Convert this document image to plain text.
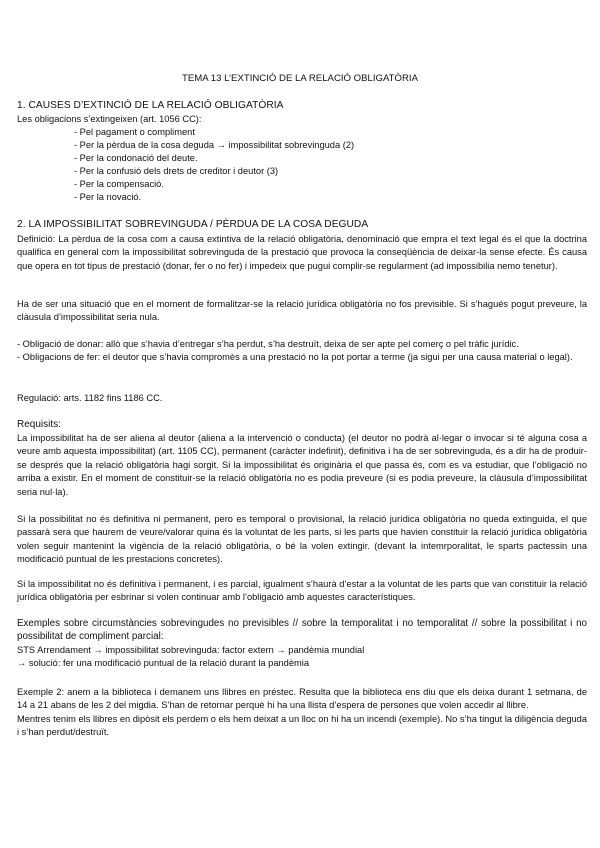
TEMA 13 L’EXTINCIÓ DE LA RELACIÓ OBLIGATÒRIA
1. CAUSES D’EXTINCIÓ DE LA RELACIÓ OBLIGATÒRIA
Les obligacions s’extingeixen (art. 1056 CC):
- Pel pagament o compliment
- Per la pèrdua de la cosa deguda → impossibilitat sobrevinguda (2)
- Per la condonació del deute.
- Per la confusió dels drets de creditor i deutor (3)
- Per la compensació.
- Per la novació.
2. LA IMPOSSIBILITAT SOBREVINGUDA / PÈRDUA DE LA COSA DEGUDA

Definició: La pèrdua de la cosa com a causa extintiva de la relació obligatòria, denominació que empra el text legal és el que la doctrina qualifica en general com la impossibilitat sobrevinguda de la prestació que provoca la conseqüència de deixar-la sense efecte. És causa que opera en tot tipus de prestació (donar, fer o no fer) i impedeix que pugui complir-se regularment (ad impossibilia nemo tenetur).

Ha de ser una situació que en el moment de formalitzar-se la relació jurídica obligatòria no fos previsible. Si s’hagués pogut preveure, la clàusula d’impossibilitat seria nula.

- Obligació de donar: allò que s’havia d’entregar s’ha perdut, s’ha destruït, deixa de ser apte pel comerç o pel tràfic jurídic.

- Obligacions de fer: el deutor que s’havia compromès a una prestació no la pot portar a terme (ja sigui per una causa material o legal).

Regulació: arts. 1182 fins 1186 CC.
Requisits:

La impossibilitat ha de ser aliena al deutor (aliena a la intervenció o conducta) (el deutor no podrà al·legar o invocar si té alguna cosa a veure amb aquesta impossibilitat) (art. 1105 CC), permanent (caràcter indefinit), definitiva i ha de ser sobrevinguda, és a dir ha de produir-se després que la relació obligatòria hagi sorgit. Si la impossibilitat és originària el que passa és, com es va estudiar, que l’obligació no arriba a existir. En el moment de constituir-se la relació obligatòria no es podia preveure (si es podia preveure, la clàusula d’impossibilitat seria nul·la).

Si la possibilitat no és definitiva ni permanent, pero es temporal o provisional, la relació jurídica obligatòria no queda extinguida, el que passarà sera que haurem de veure/valorar quina és la voluntat de les parts, si les parts que havien constituir la relació jurídica obligatòria volen seguir mantenint la vigència de la relació obligatòria, o bé la volen extingir. (devant la intemrporalitat, le sparts pactessin una modificació puntual de les prestacions concretes).

Si la impossibilitat no és definitiva i permanent, i es parcial, igualment s’haurà d’estar a la voluntat de les parts que van constituir la relació jurídica obligatòria per esbrinar si volen continuar amb l’obligació amb aquestes característiques.

Exemples sobre circumstàncies sobrevingudes no previsibles // sobre la temporalitat i no temporalitat // sobre la possibilitat i no possibilitat de compliment parcial:

STS Arrendament → impossibilitat sobrevinguda: factor extern → pandèmia mundial
→ solució: fer una modificació puntual de la relació durant la pandèmia

Exemple 2: anem a la biblioteca i demanem uns llibres en préstec. Resulta que la biblioteca ens diu que els deixa durant 1 setmana, de 14 a 21 abans de les 2 del migdia. S’han de retornar perquè hi ha una llista d’espera de persones que volen accedir al llibre.

Mentres tenim els llibres en dipòsit els perdem o els hem deixat a un lloc on hi ha un incendi (exemple). No s’ha tingut la diligència deguda i s’han perdut/destruït.
